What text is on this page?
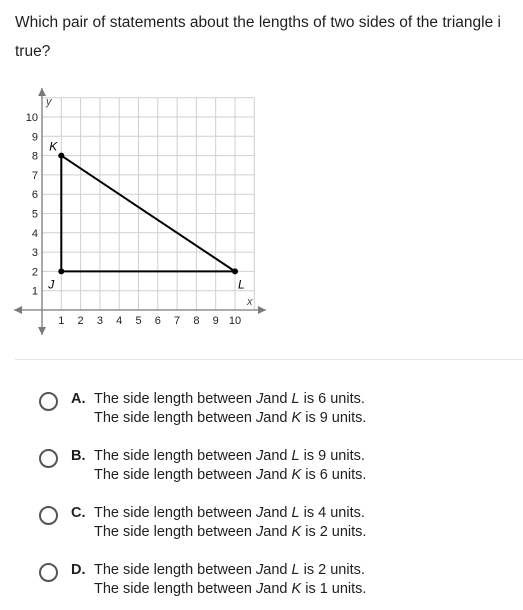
Which pair of statements about the lengths of two sides of the triangle i
true?
1 2 3 4 5 6 7 8 9 10
1
2
3
4
5
6
7
8
9
10
x
y
K
J	L
A. The side length between Jand L is 6 units.
The side length between Jand K is 9 units.
B. The side length between Jand L is 9 units.
The side length between Jand K is 6 units.
C. The side length between Jand L is 4 units.
The side length between Jand K is 2 units.
D. The side length between Jand L is 2 units.
The side length between Jand K is 1 units.
